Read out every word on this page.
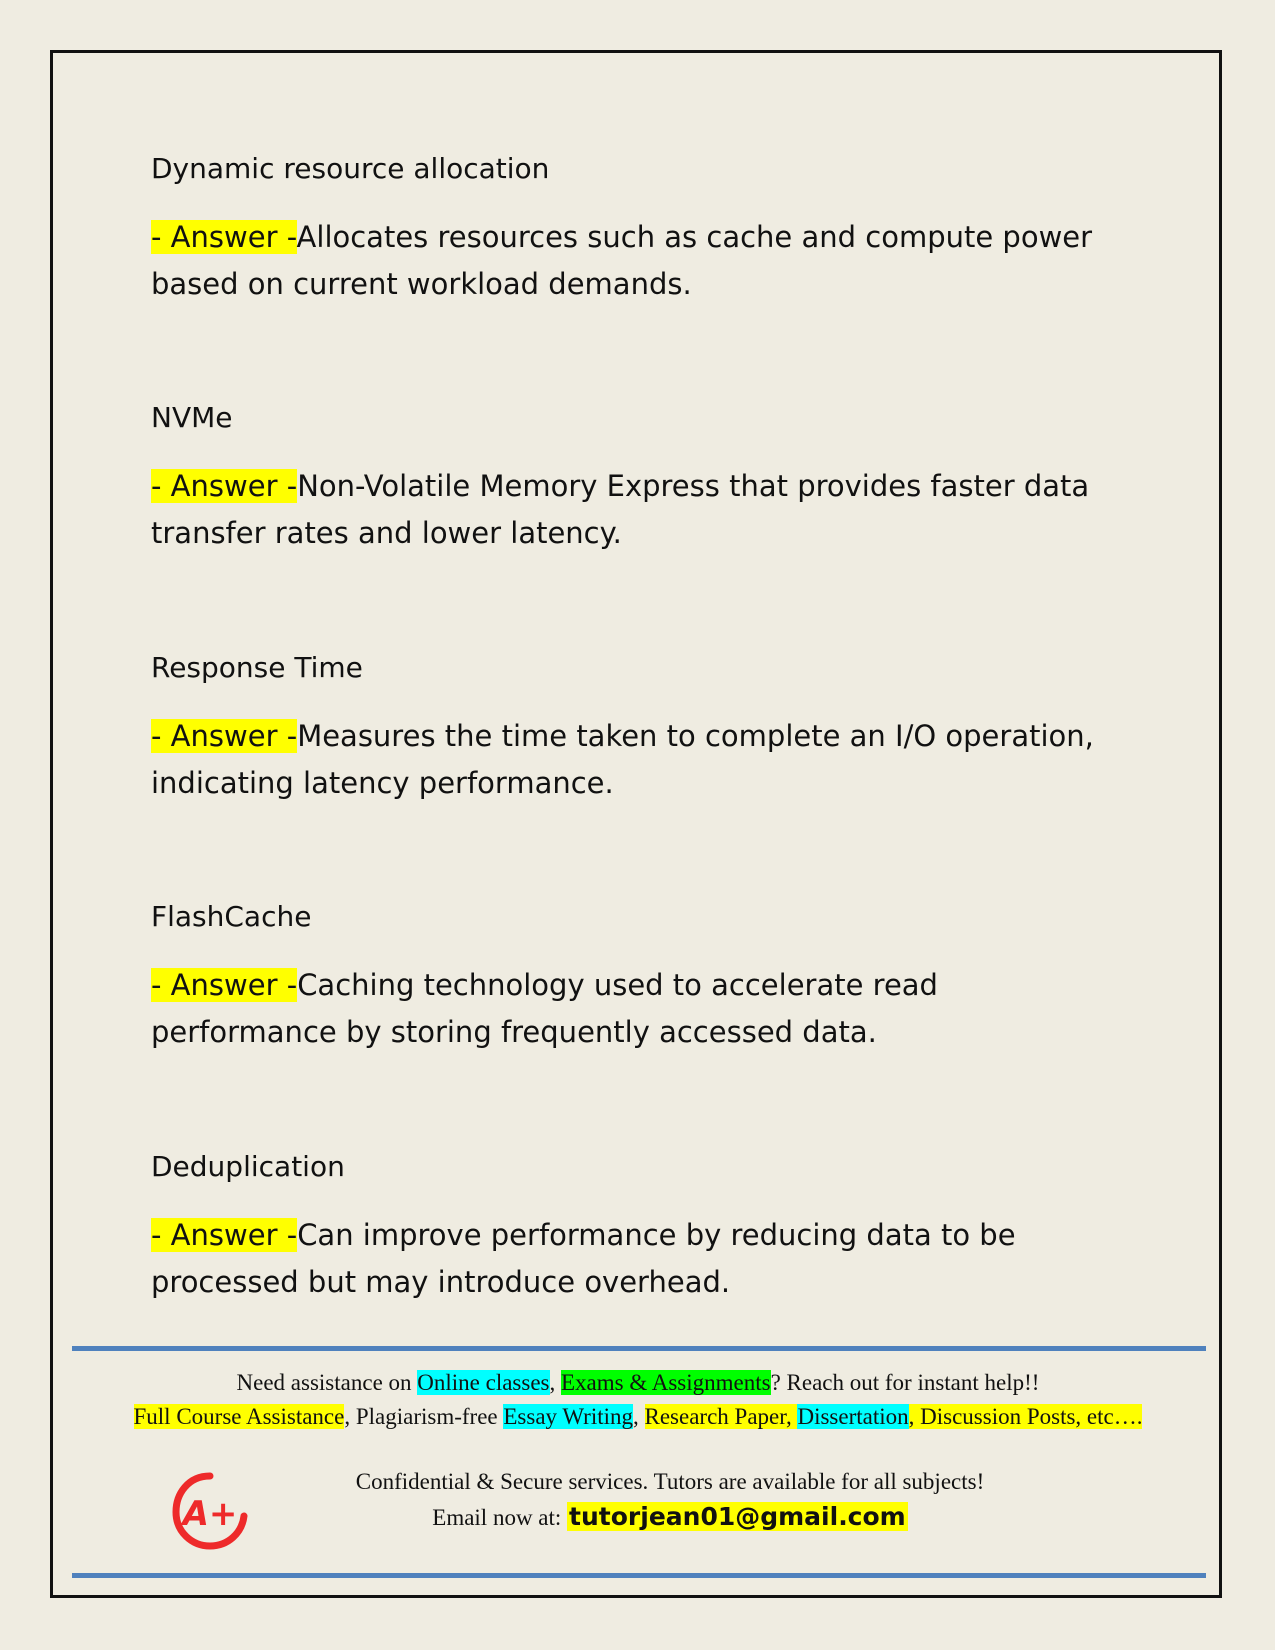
Dynamic resource allocation
- Answer -Allocates resources such as cache and compute power based on current workload demands.
NVMe
- Answer -Non-Volatile Memory Express that provides faster data transfer rates and lower latency.
Response Time
- Answer -Measures the time taken to complete an I/O operation, indicating latency performance.
FlashCache
- Answer -Caching technology used to accelerate read performance by storing frequently accessed data.
Deduplication
- Answer -Can improve performance by reducing data to be processed but may introduce overhead.
Need assistance on Online classes, Exams & Assignments? Reach out for instant help!!
Full Course Assistance, Plagiarism-free Essay Writing, Research Paper, Dissertation, Discussion Posts, etc….
A+
Confidential & Secure services. Tutors are available for all subjects!
Email now at: tutorjean01@gmail.com
